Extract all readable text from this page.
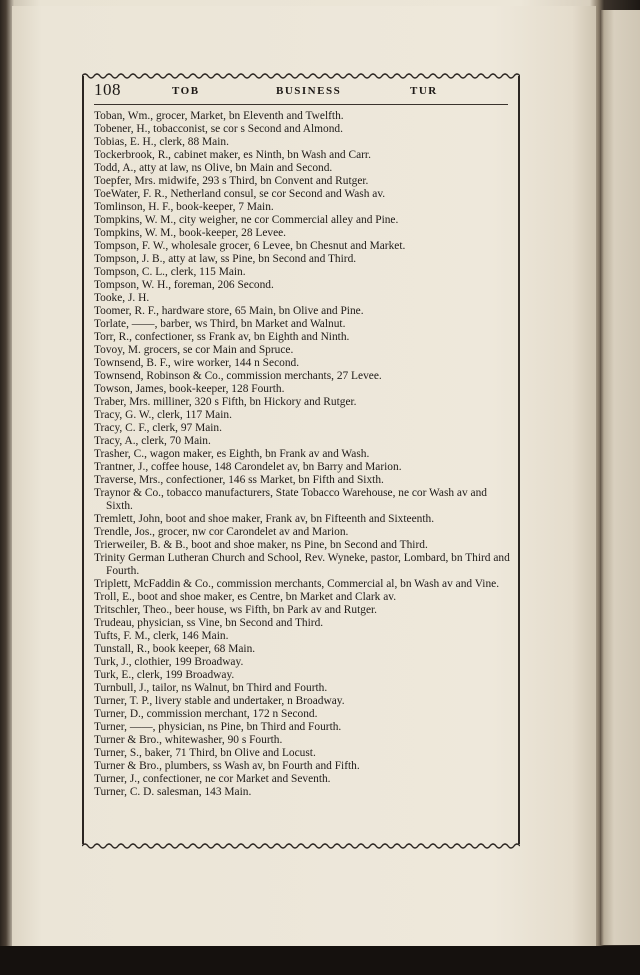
108	TOB	BUSINESS	TUR
Toban, Wm., grocer, Market, bn Eleventh and Twelfth.
Tobener, H., tobacconist, se cor s Second and Almond.
Tobias, E. H., clerk, 88 Main.
Tockerbrook, R., cabinet maker, es Ninth, bn Wash and Carr.
Todd, A., atty at law, ns Olive, bn Main and Second.
Toepfer, Mrs. midwife, 293 s Third, bn Convent and Rutger.
ToeWater, F. R., Netherland consul, se cor Second and Wash av.
Tomlinson, H. F., book-keeper, 7 Main.
Tompkins, W. M., city weigher, ne cor Commercial alley and Pine.
Tompkins, W. M., book-keeper, 28 Levee.
Tompson, F. W., wholesale grocer, 6 Levee, bn Chesnut and Market.
Tompson, J. B., atty at law, ss Pine, bn Second and Third.
Tompson, C. L., clerk, 115 Main.
Tompson, W. H., foreman, 206 Second.
Tooke, J. H.
Toomer, R. F., hardware store, 65 Main, bn Olive and Pine.
Torlate, ——, barber, ws Third, bn Market and Walnut.
Torr, R., confectioner, ss Frank av, bn Eighth and Ninth.
Tovoy, M. grocers, se cor Main and Spruce.
Townsend, B. F., wire worker, 144 n Second.
Townsend, Robinson & Co., commission merchants, 27 Levee.
Towson, James, book-keeper, 128 Fourth.
Traber, Mrs. milliner, 320 s Fifth, bn Hickory and Rutger.
Tracy, G. W., clerk, 117 Main.
Tracy, C. F., clerk, 97 Main.
Tracy, A., clerk, 70 Main.
Trasher, C., wagon maker, es Eighth, bn Frank av and Wash.
Trantner, J., coffee house, 148 Carondelet av, bn Barry and Marion.
Traverse, Mrs., confectioner, 146 ss Market, bn Fifth and Sixth.
Traynor & Co., tobacco manufacturers, State Tobacco Warehouse, ne cor Wash av and Sixth.
Tremlett, John, boot and shoe maker, Frank av, bn Fifteenth and Sixteenth.
Trendle, Jos., grocer, nw cor Carondelet av and Marion.
Trierweiler, B. & B., boot and shoe maker, ns Pine, bn Second and Third.
Trinity German Lutheran Church and School, Rev. Wyneke, pastor, Lombard, bn Third and Fourth.
Triplett, McFaddin & Co., commission merchants, Commercial al, bn Wash av and Vine.
Troll, E., boot and shoe maker, es Centre, bn Market and Clark av.
Tritschler, Theo., beer house, ws Fifth, bn Park av and Rutger.
Trudeau, physician, ss Vine, bn Second and Third.
Tufts, F. M., clerk, 146 Main.
Tunstall, R., book keeper, 68 Main.
Turk, J., clothier, 199 Broadway.
Turk, E., clerk, 199 Broadway.
Turnbull, J., tailor, ns Walnut, bn Third and Fourth.
Turner, T. P., livery stable and undertaker, n Broadway.
Turner, D., commission merchant, 172 n Second.
Turner, ——, physician, ns Pine, bn Third and Fourth.
Turner & Bro., whitewasher, 90 s Fourth.
Turner, S., baker, 71 Third, bn Olive and Locust.
Turner & Bro., plumbers, ss Wash av, bn Fourth and Fifth.
Turner, J., confectioner, ne cor Market and Seventh.
Turner, C. D. salesman, 143 Main.
